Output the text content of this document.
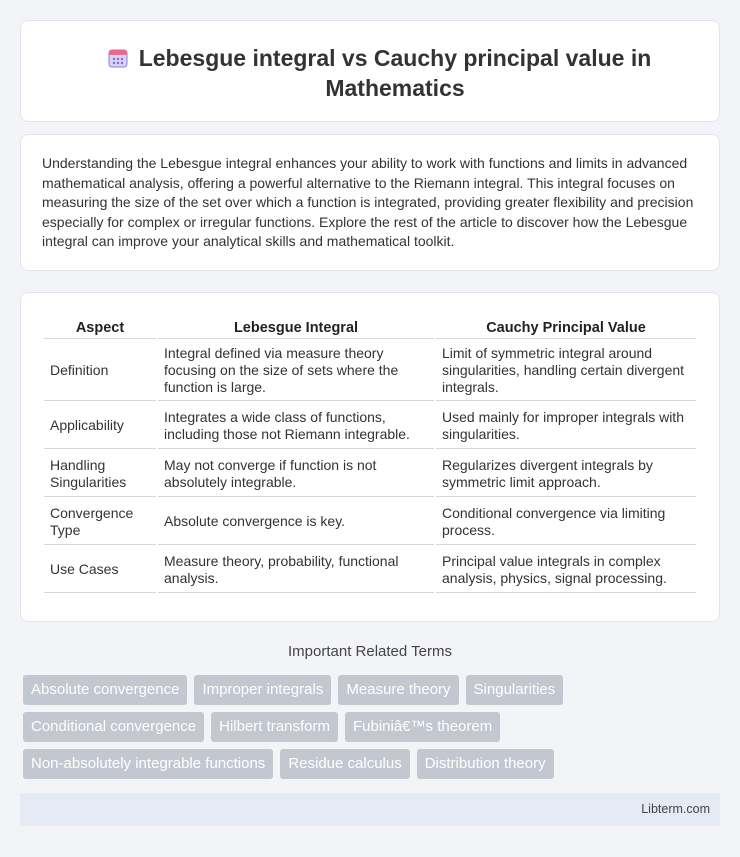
Lebesgue integral vs Cauchy principal value in Mathematics

Understanding the Lebesgue integral enhances your ability to work with functions and limits in advanced mathematical analysis, offering a powerful alternative to the Riemann integral. This integral focuses on measuring the size of the set over which a function is integrated, providing greater flexibility and precision especially for complex or irregular functions. Explore the rest of the article to discover how the Lebesgue integral can improve your analytical skills and mathematical toolkit.

Aspect	Lebesgue Integral	Cauchy Principal Value
Definition	Integral defined via measure theory focusing on the size of sets where the function is large.	Limit of symmetric integral around singularities, handling certain divergent integrals.
Applicability	Integrates a wide class of functions, including those not Riemann integrable.	Used mainly for improper integrals with singularities.
Handling Singularities	May not converge if function is not absolutely integrable.	Regularizes divergent integrals by symmetric limit approach.
Convergence Type	Absolute convergence is key.	Conditional convergence via limiting process.
Use Cases	Measure theory, probability, functional analysis.	Principal value integrals in complex analysis, physics, signal processing.
Important Related Terms
Absolute convergence	Improper integrals	Measure theory	Singularities
Conditional convergence	Hilbert transform	Fubiniâ€™s theorem
Non-absolutely integrable functions	Residue calculus	Distribution theory
Libterm.com
